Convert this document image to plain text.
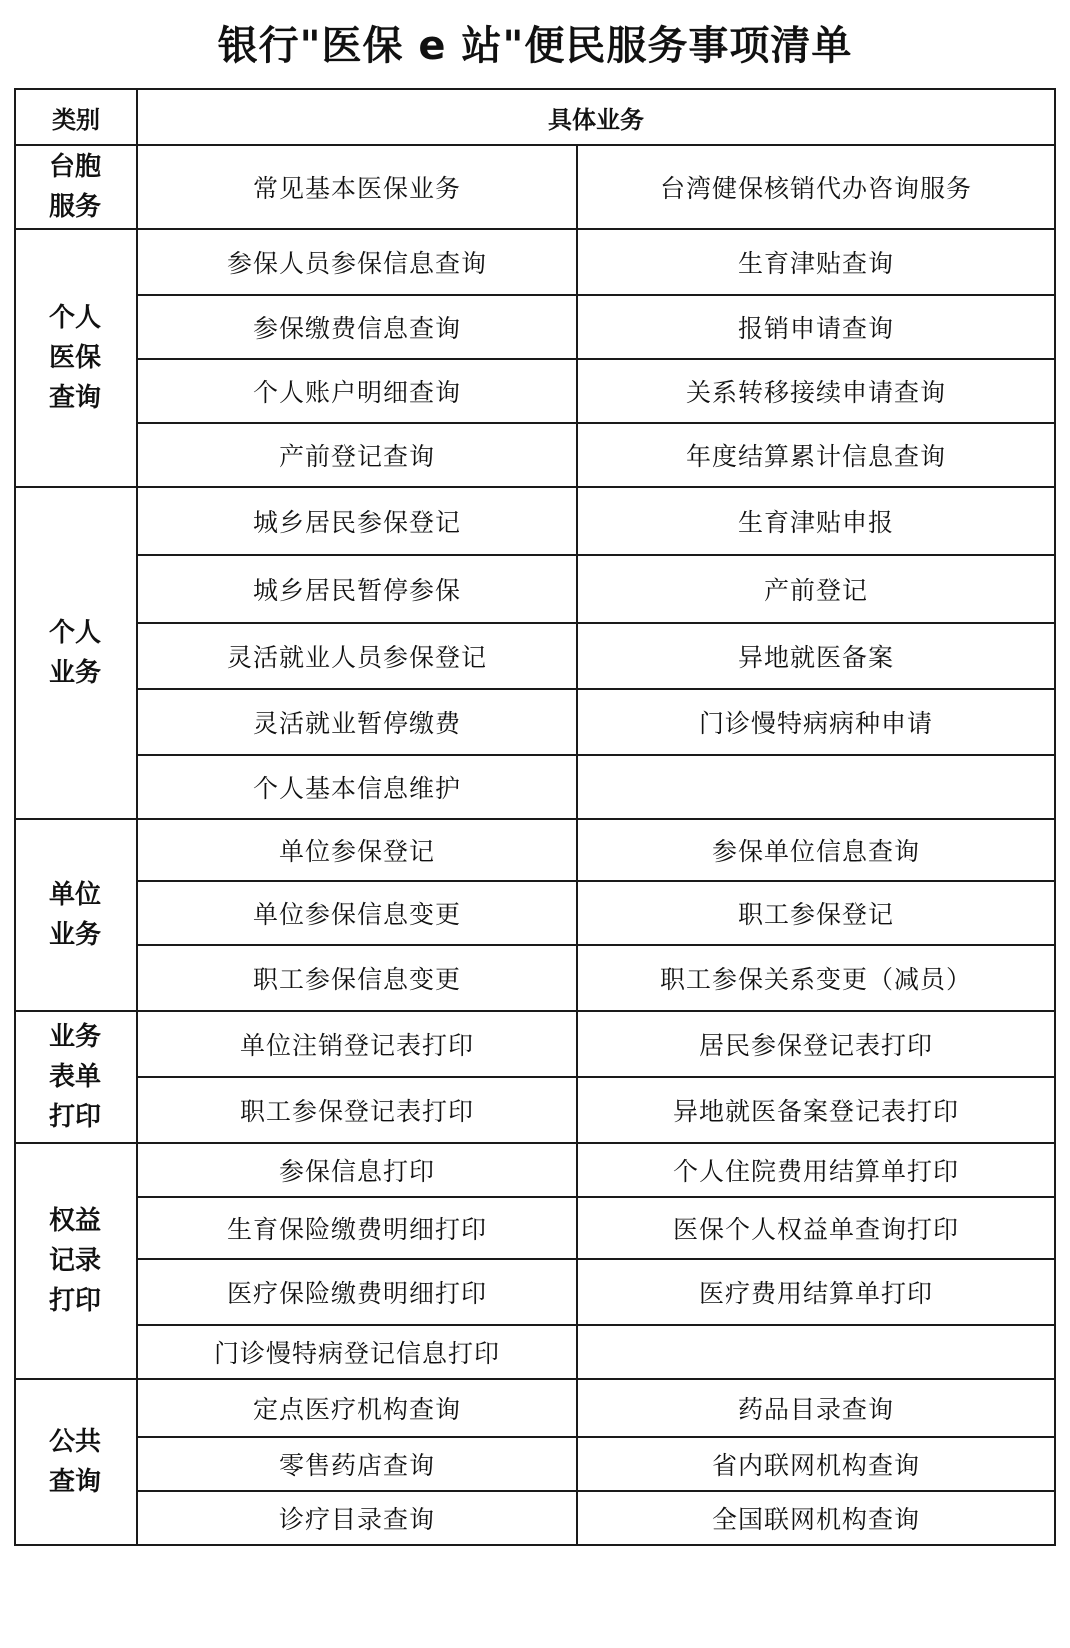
银行"医保 e 站"便民服务事项清单
类别	具体业务	
台胞服务	常见基本医保业务	台湾健保核销代办咨询服务
个人医保查询	参保人员参保信息查询	生育津贴查询
	参保缴费信息查询	报销申请查询
	个人账户明细查询	关系转移接续申请查询
	产前登记查询	年度结算累计信息查询
个人业务	城乡居民参保登记	生育津贴申报
	城乡居民暂停参保	产前登记
	灵活就业人员参保登记	异地就医备案
	灵活就业暂停缴费	门诊慢特病病种申请
	个人基本信息维护	
单位业务	单位参保登记	参保单位信息查询
	单位参保信息变更	职工参保登记
	职工参保信息变更	职工参保关系变更（减员）
业务表单打印	单位注销登记表打印	居民参保登记表打印
	职工参保登记表打印	异地就医备案登记表打印
权益记录打印	参保信息打印	个人住院费用结算单打印
	生育保险缴费明细打印	医保个人权益单查询打印
	医疗保险缴费明细打印	医疗费用结算单打印
	门诊慢特病登记信息打印	
公共查询	定点医疗机构查询	药品目录查询
	零售药店查询	省内联网机构查询
	诊疗目录查询	全国联网机构查询
